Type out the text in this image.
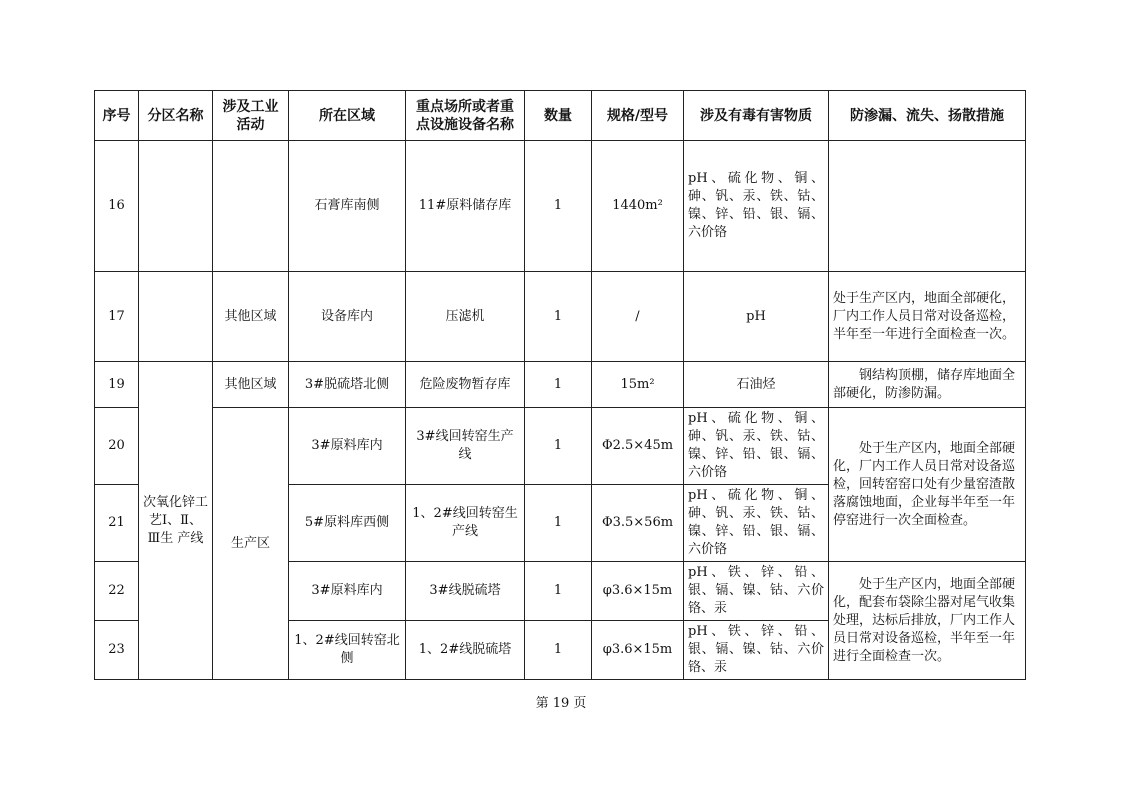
序号	分区名称	涉及工业活动	所在区域	重点场所或者重点设施设备名称	数量	规格/型号	涉及有毒有害物质	防渗漏、流失、扬散措施
16			石膏库南侧	11#原料储存库	1	1440m²	pH、硫化物、铜、砷、钒、汞、铁、钴、镍、锌、铅、银、镉、六价铬	
17		其他区域	设备库内	压滤机	1	/	pH	处于生产区内，地面全部硬化，厂内工作人员日常对设备巡检，半年至一年进行全面检查一次。
19	次氧化锌工艺Ⅰ、Ⅱ、Ⅲ生 产线	其他区域	3#脱硫塔北侧	危险废物暂存库	1	15m²	石油烃	钢结构顶棚，储存库地面全部硬化，防渗防漏。
20		生产区	3#原料库内	3#线回转窑生产线	1	Φ2.5×45m	pH、硫化物、铜、砷、钒、汞、铁、钴、镍、锌、铅、银、镉、六价铬	处于生产区内，地面全部硬化，厂内工作人员日常对设备巡检，回转窑窑口处有少量窑渣散落腐蚀地面，企业每半年至一年停窑进行一次全面检查。
21			5#原料库西侧	1、2#线回转窑生产线	1	Φ3.5×56m	pH、硫化物、铜、砷、钒、汞、铁、钴、镍、锌、铅、银、镉、六价铬	
22			3#原料库内	3#线脱硫塔	1	φ3.6×15m	pH、铁、锌、铅、银、镉、镍、钴、六价铬、汞	处于生产区内，地面全部硬化，配套布袋除尘器对尾气收集处理，达标后排放，厂内工作人员日常对设备巡检，半年至一年进行全面检查一次。
23			1、2#线回转窑北侧	1、2#线脱硫塔	1	φ3.6×15m	pH、铁、锌、铅、银、镉、镍、钴、六价铬、汞	
第 19 页
